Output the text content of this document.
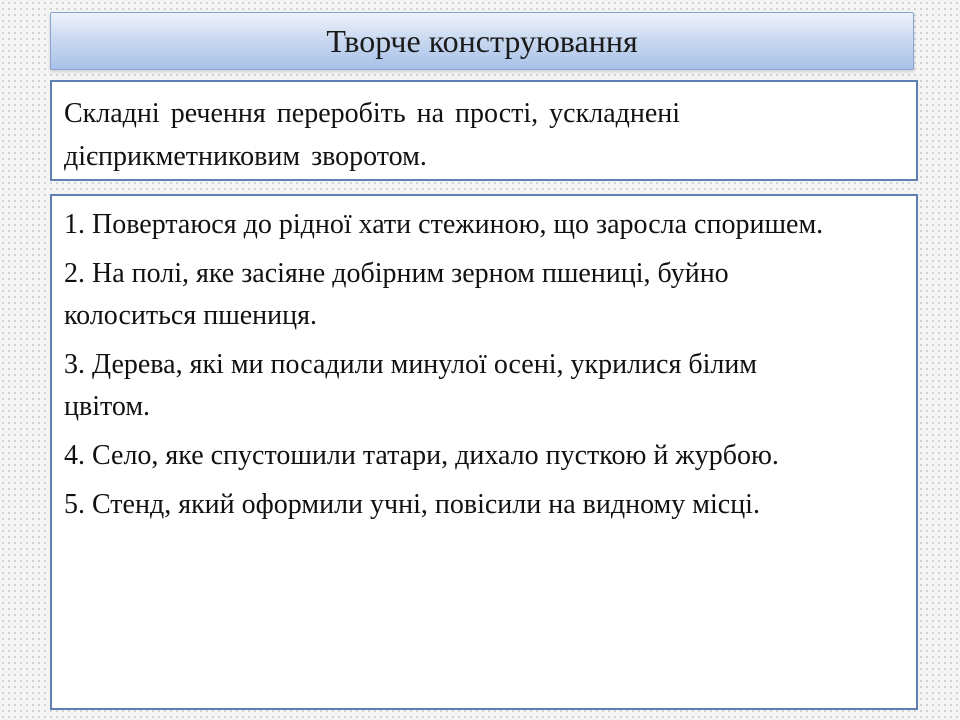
Творче конструювання

Складні речення переробіть на прості, ускладнені дієприкметниковим зворотом.

1. Повертаюся до рідної хати стежиною, що заросла споришем.

2. На полі, яке засіяне добірним зерном пшениці, буйно колоситься пшениця.

3. Дерева, які ми посадили минулої осені, укрилися білим цвітом.

4. Село, яке спустошили татари, дихало пусткою й журбою.

5. Стенд, який оформили учні, повісили на видному місці.
